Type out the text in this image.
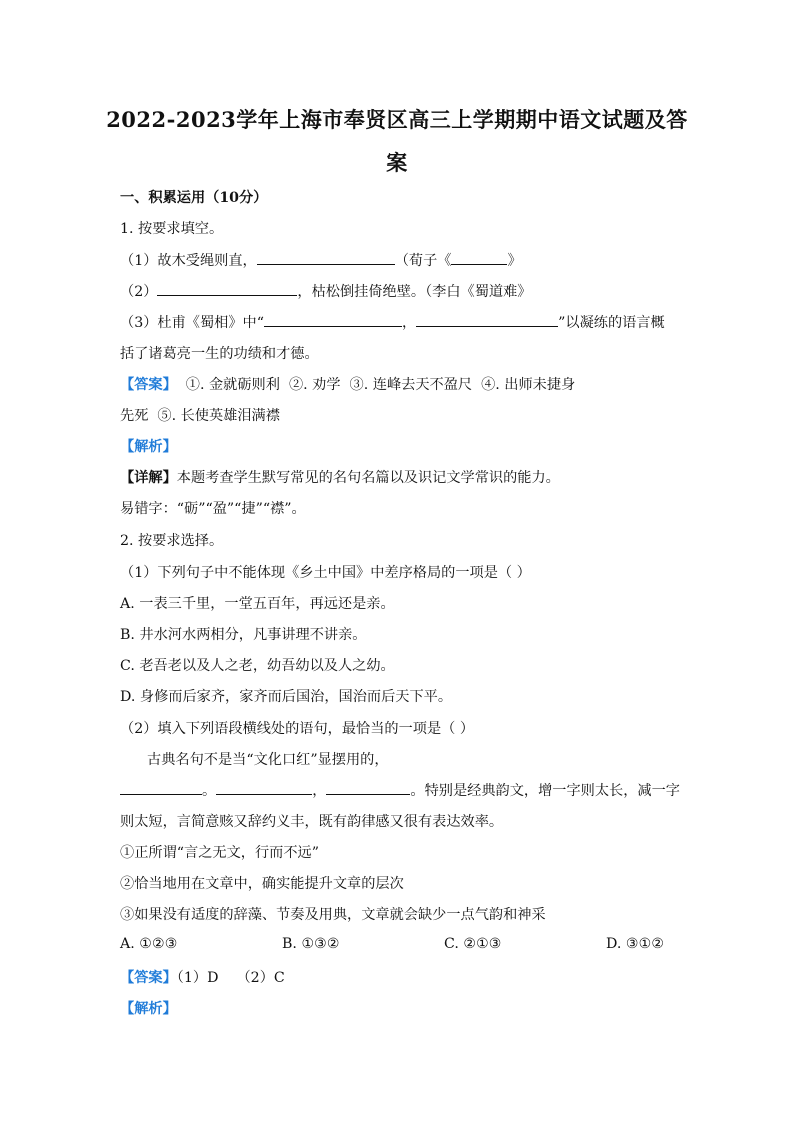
2022-2023学年上海市奉贤区高三上学期期中语文试题及答
案
一、积累运用（10分）
1. 按要求填空。
（1）故木受绳则直，	（荀子《	》
（2）	，枯松倒挂倚绝壁。（李白《蜀道难》
（3）杜甫《蜀相》中“	，	”以凝练的语言概
括了诸葛亮一生的功绩和才德。
【答案】  ①. 金就砺则利  ②. 劝学  ③. 连峰去天不盈尺  ④. 出师未捷身
先死  ⑤. 长使英雄泪满襟
【解析】
【详解】本题考查学生默写常见的名句名篇以及识记文学常识的能力。
易错字：“砺”“盈”“捷”“襟”。
2. 按要求选择。
（1）下列句子中不能体现《乡土中国》中差序格局的一项是（ ）
A. 一表三千里，一堂五百年，再远还是亲。
B. 井水河水两相分，凡事讲理不讲亲。
C. 老吾老以及人之老，幼吾幼以及人之幼。
D. 身修而后家齐，家齐而后国治，国治而后天下平。
（2）填入下列语段横线处的语句，最恰当的一项是（ ）
古典名句不是当“文化口红”显摆用的，
。	，	。特别是经典韵文，增一字则太长，减一字
则太短，言简意赅又辞约义丰，既有韵律感又很有表达效率。
①正所谓“言之无文，行而不远”
②恰当地用在文章中，确实能提升文章的层次
③如果没有适度的辞藻、节奏及用典，文章就会缺少一点气韵和神采
A. ①②③	B. ①③②	C. ②①③	D. ③①②
【答案】（1）D    （2）C
【解析】
